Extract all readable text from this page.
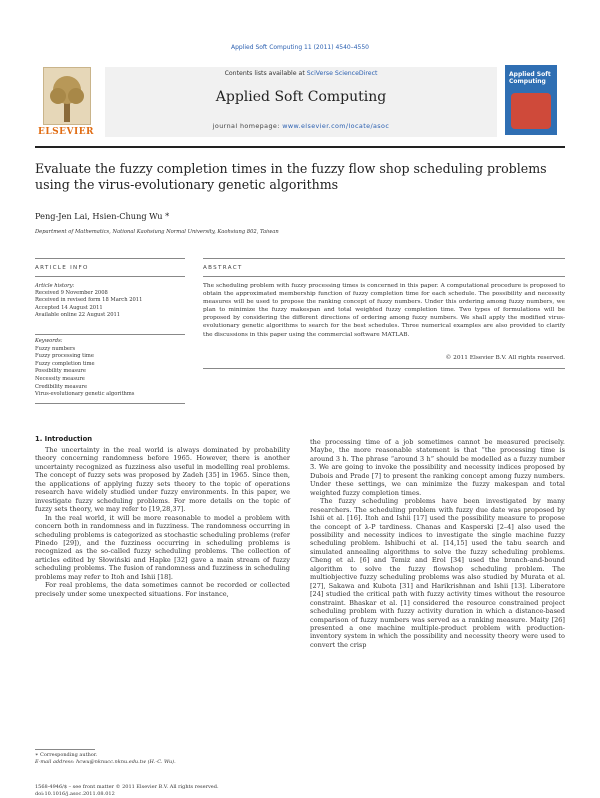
Applied Soft Computing 11 (2011) 4540–4550
ELSEVIER
Contents lists available at SciVerse ScienceDirect
Applied Soft Computing
journal homepage: www.elsevier.com/locate/asoc
Applied Soft Computing
Evaluate the fuzzy completion times in the fuzzy flow shop scheduling problems using the virus-evolutionary genetic algorithms
Peng-Jen Lai, Hsien-Chung Wu *
Department of Mathematics, National Kaohsiung Normal University, Kaohsiung 802, Taiwan
ARTICLE INFO	ABSTRACT
Article history:
Received 9 November 2008
Received in revised form 18 March 2011
Accepted 14 August 2011
Available online 22 August 2011
Keywords:
Fuzzy numbers
Fuzzy processing time
Fuzzy completion time
Possibility measure
Necessity measure
Credibility measure
Virus-evolutionary genetic algorithms
The scheduling problem with fuzzy processing times is concerned in this paper. A computational procedure is proposed to obtain the approximated membership function of fuzzy completion time for each schedule. The possibility and necessity measures will be used to propose the ranking concept of fuzzy numbers. Under this ordering among fuzzy numbers, we plan to minimize the fuzzy makespan and total weighted fuzzy completion time. Two types of formulations will be proposed by considering the different directions of ordering among fuzzy numbers. We shall apply the modified virus-evolutionary genetic algorithms to search for the best schedules. Three numerical examples are also provided to clarify the discussions in this paper using the commercial software MATLAB.
© 2011 Elsevier B.V. All rights reserved.
1. Introduction

The uncertainty in the real world is always dominated by probability theory concerning randomness before 1965. However, there is another uncertainty recognized as fuzziness also useful in modelling real problems. The concept of fuzzy sets was proposed by Zadeh [35] in 1965. Since then, the applications of applying fuzzy sets theory to the topic of operations research have widely studied under fuzzy environments. In this paper, we investigate fuzzy scheduling problems. For more details on the topic of fuzzy sets theory, we may refer to [19,28,37].

In the real world, it will be more reasonable to model a problem with concern both in randomness and in fuzziness. The randomness occurring in scheduling problems is categorized as stochastic scheduling problems (refer Pinedo [29]), and the fuzziness occurring in scheduling problems is recognized as the so-called fuzzy scheduling problems. The collection of articles edited by Słowiński and Hapke [32] gave a main stream of fuzzy scheduling problems. The fusion of randomness and fuzziness in scheduling problems may refer to Itoh and Ishii [18].

For real problems, the data sometimes cannot be recorded or collected precisely under some unexpected situations. For instance,

the processing time of a job sometimes cannot be measured precisely. Maybe, the more reasonable statement is that “the processing time is around 3 h. The phrase “around 3 h” should be modelled as a fuzzy number 3̃. We are going to invoke the possibility and necessity indices proposed by Dubois and Prade [7] to present the ranking concept among fuzzy numbers. Under these settings, we can minimize the fuzzy makespan and total weighted fuzzy completion times.

The fuzzy scheduling problems have been investigated by many researchers. The scheduling problem with fuzzy due date was proposed by Ishii et al. [16]. Itoh and Ishii [17] used the possibility measure to propose the concept of λ-P tardiness. Chanas and Kasperski [2–4] also used the possibility and necessity indices to investigate the single machine fuzzy scheduling problem. Ishibuchi et al. [14,15] used the tabu search and simulated annealing algorithms to solve the fuzzy scheduling problems. Cheng et al. [6] and Temiz and Erol [34] used the branch-and-bound algorithm to solve the fuzzy flowshop scheduling problem. The multiobjective fuzzy scheduling problems was also studied by Murata et al. [27], Sakawa and Kubota [31] and Harikrishnan and Ishii [13]. Liberatore [24] studied the critical path with fuzzy activity times without the resource constraint. Bhaskar et al. [1] considered the resource constrained project scheduling problem with fuzzy activity duration in which a distance-based comparison of fuzzy numbers was served as a ranking measure. Maity [26] presented a one machine multiple-product problem with production-inventory system in which the possibility and necessity theory were used to convert the crisp

∗ Corresponding author.
E-mail address: hcwu@nknucc.nknu.edu.tw (H.-C. Wu).
1568-4946/$ – see front matter © 2011 Elsevier B.V. All rights reserved.
doi:10.1016/j.asoc.2011.08.012
